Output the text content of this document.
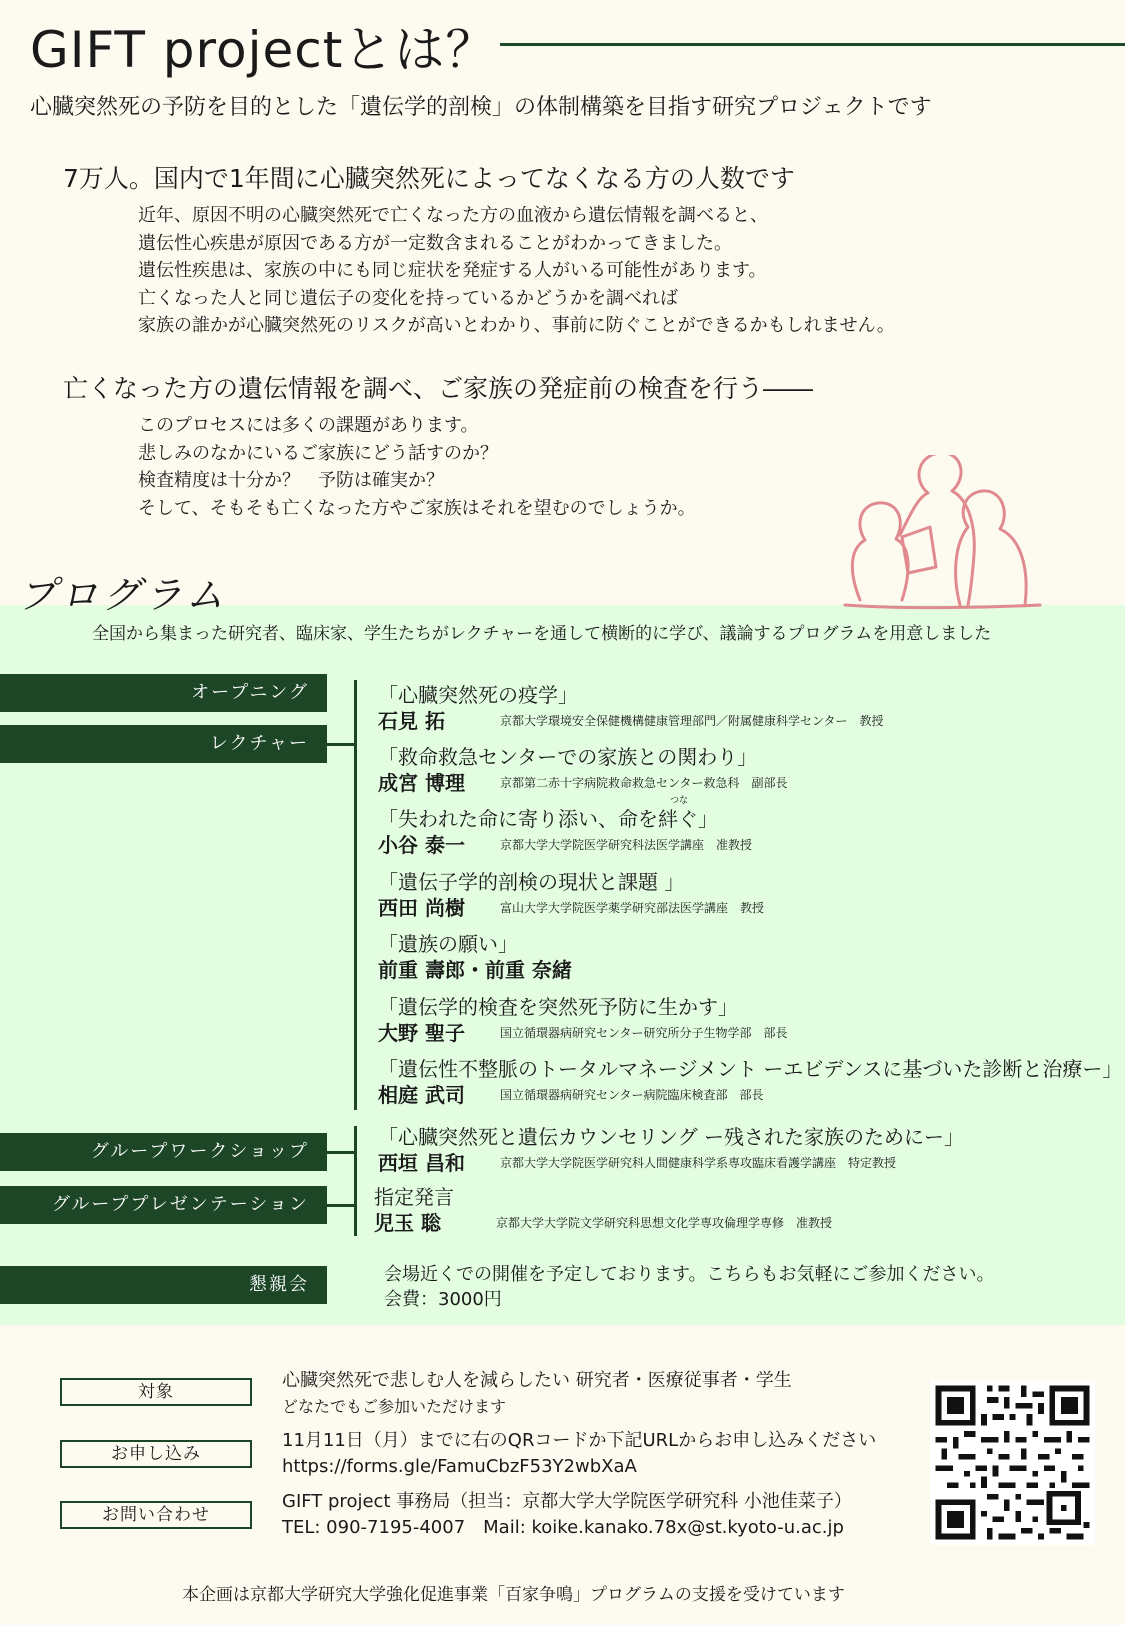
GIFT projectとは？
心臓突然死の予防を目的とした「遺伝学的剖検」の体制構築を目指す研究プロジェクトです
7万人。国内で1年間に心臓突然死によってなくなる方の人数です
近年、原因不明の心臓突然死で亡くなった方の血液から遺伝情報を調べると、
遺伝性心疾患が原因である方が一定数含まれることがわかってきました。
遺伝性疾患は、家族の中にも同じ症状を発症する人がいる可能性があります。
亡くなった人と同じ遺伝子の変化を持っているかどうかを調べれば
家族の誰かが心臓突然死のリスクが高いとわかり、事前に防ぐことができるかもしれません。
亡くなった方の遺伝情報を調べ、ご家族の発症前の検査を行う――
このプロセスには多くの課題があります。
悲しみのなかにいるご家族にどう話すのか？
検査精度は十分か？　予防は確実か？
そして、そもそも亡くなった方やご家族はそれを望むのでしょうか。
プログラム
全国から集まった研究者、臨床家、学生たちがレクチャーを通して横断的に学び、議論するプログラムを用意しました
オープニング
レクチャー
グループワークショップ
グループプレゼンテーション
懇親会
「心臓突然死の疫学」
石見 拓	$^{京都大学環境安全保健機構健康管理部門/附属健康科学センター 教授}$
「救命救急センターでの家族との関わり」
成宮 博理	$^{京都第二赤十字病院救命救急センター救急科 副部長}$
つな
「失われた命に寄り添い、命を絆ぐ」
小谷 泰一	$^{京都大学大学院医学研究科法医学講座 准教授}$
「遺伝子学的剖検の現状と課題 」
西田 尚樹	$^{富山大学大学院医学薬学研究部法医学講座 教授}$
「遺族の願い」
前重 壽郎・前重 奈緒
「遺伝学的検査を突然死予防に生かす」
大野 聖子	$^{国立循環器病研究センター研究所分子生物学部 部長}$
「遺伝性不整脈のトータルマネージメント ーエビデンスに基づいた診断と治療ー」
相庭 武司	$^{国立循環器病研究センター病院臨床検査部 部長}$
「心臓突然死と遺伝カウンセリング ー残された家族のためにー」
西垣 昌和	$^{京都大学大学院医学研究科人間健康科学系専攻臨床看護学講座 特定教授}$
指定発言
児玉 聡	$^{京都大学大学院文学研究科思想文化学専攻倫理学専修 准教授}$
会場近くでの開催を予定しております。こちらもお気軽にご参加ください。
会費：3000円
対象
心臓突然死で悲しむ人を減らしたい 研究者・医療従事者・学生
どなたでもご参加いただけます
お申し込み
11月11日（月）までに右のQRコードか下記URLからお申し込みください
https://forms.gle/FamuCbzF53Y2wbXaA
お問い合わせ
GIFT project 事務局（担当：京都大学大学院医学研究科 小池佳菜子）
TEL: 090-7195-4007　Mail: koike.kanako.78x@st.kyoto-u.ac.jp
本企画は京都大学研究大学強化促進事業「百家争鳴」プログラムの支援を受けています
